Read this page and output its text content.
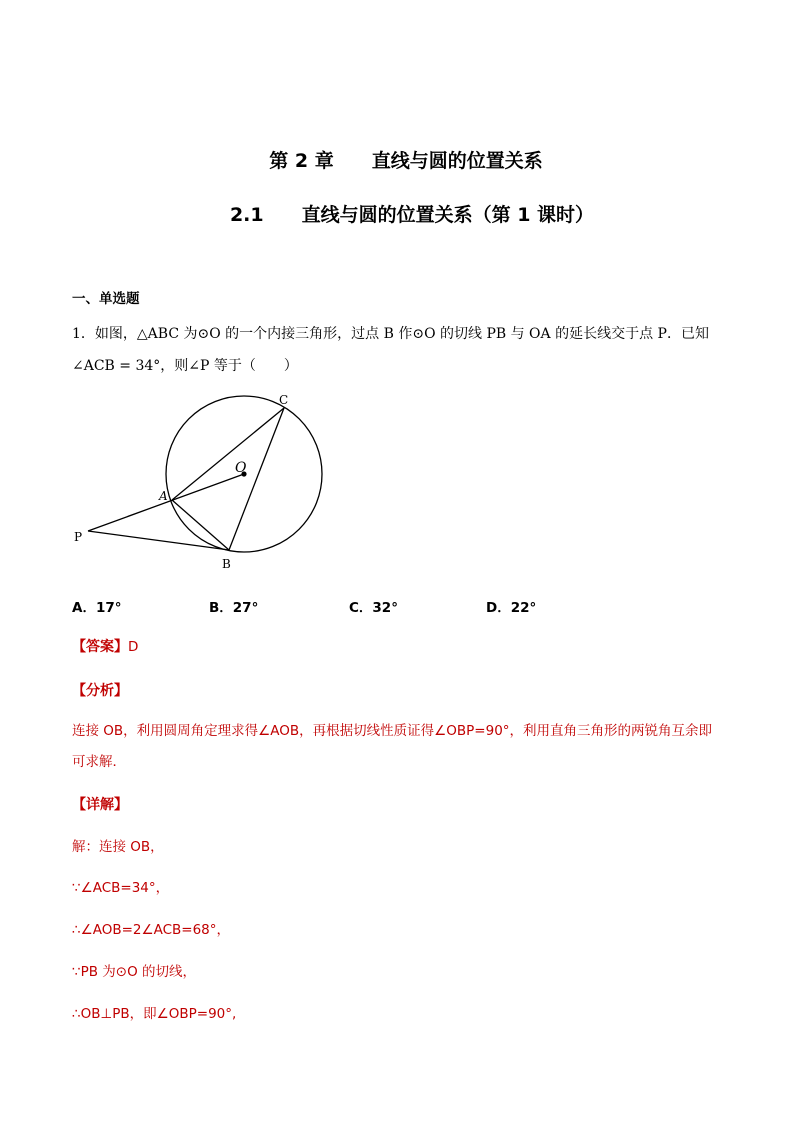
第 2 章　　直线与圆的位置关系
2.1　　直线与圆的位置关系（第 1 课时）
一、单选题
1．如图，△ABC 为⊙O 的一个内接三角形，过点 B 作⊙O 的切线 PB 与 OA 的延长线交于点 P．已知
∠ACB = 34°，则∠P 等于（　　）
C
O
A
P
B
A．17°	B．27°	C．32°	D．22°
【答案】D
【分析】
连接 OB，利用圆周角定理求得∠AOB，再根据切线性质证得∠OBP=90°，利用直角三角形的两锐角互余即
可求解．
【详解】
解：连接 OB，
∵∠ACB=34°，
∴∠AOB=2∠ACB=68°，
∵PB 为⊙O 的切线，
∴OB⊥PB，即∠OBP=90°,
